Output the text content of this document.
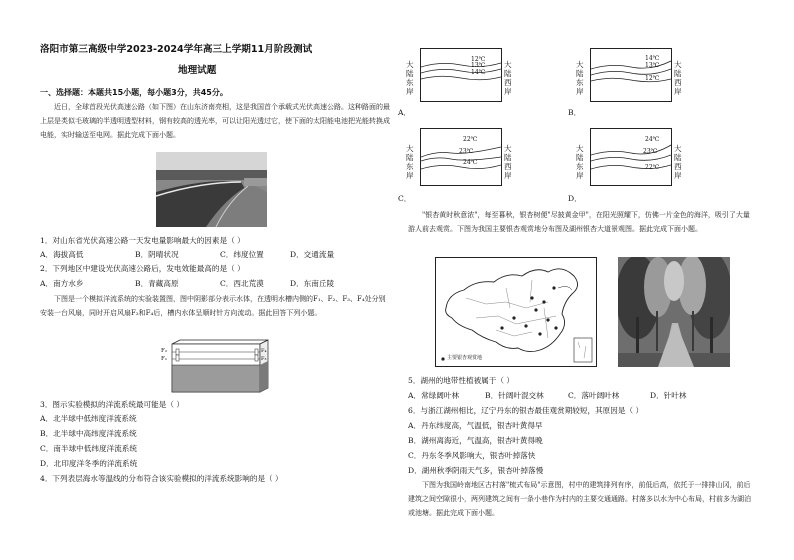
洛阳市第三高级中学2023-2024学年高三上学期11月阶段测试
地理试题
一、选择题：本题共15小题，每小题3分，共45分。
近日，全球首段光伏高速公路（如下图）在山东济南亮相，这是我国首个承载式光伏高速公路。这种路面的最上层是类似毛玻璃的半透明透型材料，钢有较高的透光率，可以让阳光透过它，使下面的太阳能电池把光能转换成电能，实时输送至电网。据此完成下面小题。
1．对山东省光伏高速公路一天发电量影响最大的因素是（ ）
A．海拔高低	B．阴晴状况	C．纬度位置	D．交通流量
2．下列地区中建设光伏高速公路后，发电效能最高的是（ ）
A．南方水乡	B．青藏高原	C．西北荒漠	D．东南丘陵
下图是一个模拟洋流系统的实验装置图，图中阴影部分表示水体，在透明水槽内侧的F₁、F₂、F₃、F₄处分别安装一台风扇，同时开启风扇F₂和F₄后，槽内水体呈顺时针方向流动。据此回答下列小题。
F₂
F₁
F₄
F₃
3．图示实验模拟的洋流系统最可能是（ ）
A．北半球中低纬度洋流系统
B．北半球中高纬度洋流系统
C．南半球中低纬度洋流系统
D．北印度洋冬季的洋流系统
4．下列表层海水等温线的分布符合该实验模拟的洋流系统影响的是（ ）
大
陆
东
岸
12℃
13℃
14℃
大
陆
西
岸
A．
大
陆
东
岸
14℃
13℃
12℃
大
陆
西
岸
B．
大
陆
东
岸
22℃
23℃
24℃
大
陆
西
岸
C．
大
陆
东
岸
24℃
23℃
22℃
大
陆
西
岸
D．
"银杏黄时秋意浓"，每至暮秋，银杏树便"尽披黄金甲"，在阳光照耀下，仿佛一片金色的海洋，吸引了大量游人前去观赏。下图为我国主要银杏观赏地分布图及湖州银杏大道景观图。据此完成下面小题。
主要银杏观赏地
5．湖州的地带性植被属于（ ）
A．常绿阔叶林	B．针阔叶混交林	C．落叶阔叶林	D．针叶林
6．与浙江湖州相比，辽宁丹东的银杏最佳观赏期较短，其原因是（ ）
A．丹东纬度高，气温低，银杏叶黄得早
B．湖州离海近，气温高，银杏叶黄得晚
C．丹东冬季风影响大，银杏叶掉落快
D．湖州秋季阴雨天气多，银杏叶掉落慢
下图为我国岭南地区古村落"梳式布局"示意图，村中的建筑排列有序，前低后高，依托于一排排山冈，前后建筑之间空隙很小，两列建筑之间有一条小巷作为村内的主要交通通路。村落多以水为中心布局，村前多为湖泊或池塘。据此完成下面小题。
